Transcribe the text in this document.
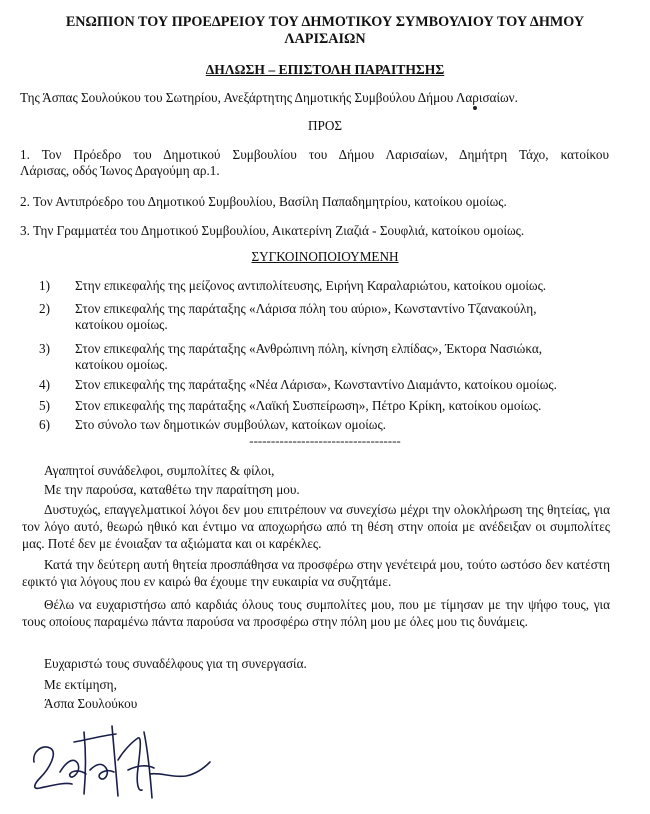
ΕΝΩΠΙΟΝ ΤΟΥ ΠΡΟΕΔΡΕΙΟΥ ΤΟΥ ΔΗΜΟΤΙΚΟΥ ΣΥΜΒΟΥΛΙΟΥ ΤΟΥ ΔΗΜΟΥ
ΛΑΡΙΣΑΙΩΝ
ΔΗΛΩΣΗ – ΕΠΙΣΤΟΛΗ ΠΑΡΑΙΤΗΣΗΣ
Της Άσπας Σουλούκου του Σωτηρίου, Ανεξάρτητης Δημοτικής Συμβούλου Δήμου Λαρισαίων.
ΠΡΟΣ
1. Τον Πρόεδρο του Δημοτικού Συμβουλίου του Δήμου Λαρισαίων, Δημήτρη Τάχο, κατοίκου
Λάρισας, οδός Ίωνος Δραγούμη αρ.1.
2. Τον Αντιπρόεδρο του Δημοτικού Συμβουλίου, Βασίλη Παπαδημητρίου, κατοίκου ομοίως.
3. Την Γραμματέα του Δημοτικού Συμβουλίου, Αικατερίνη Ζιαζιά - Σουφλιά, κατοίκου ομοίως.
ΣΥΓΚΟΙΝΟΠΟΙΟΥΜΕΝΗ
1) Στην επικεφαλής της μείζονος αντιπολίτευσης, Ειρήνη Καραλαριώτου, κατοίκου ομοίως.
2) Στον επικεφαλής της παράταξης «Λάρισα πόλη του αύριο», Κωνσταντίνο Τζανακούλη,
κατοίκου ομοίως.
3) Στον επικεφαλής της παράταξης «Ανθρώπινη πόλη, κίνηση ελπίδας», Έκτορα Νασιώκα,
κατοίκου ομοίως.
4) Στον επικεφαλής της παράταξης «Νέα Λάρισα», Κωνσταντίνο Διαμάντο, κατοίκου ομοίως.
5) Στον επικεφαλής της παράταξης «Λαϊκή Συσπείρωση», Πέτρο Κρίκη, κατοίκου ομοίως.
6) Στο σύνολο των δημοτικών συμβούλων, κατοίκων ομοίως.
-----------------------------------
Αγαπητοί συνάδελφοι, συμπολίτες & φίλοι,
Με την παρούσα, καταθέτω την παραίτηση μου.
Δυστυχώς, επαγγελματικοί λόγοι δεν μου επιτρέπουν να συνεχίσω μέχρι την ολοκλήρωση της θητείας, για τον λόγο αυτό, θεωρώ ηθικό και έντιμο να αποχωρήσω από τη θέση στην οποία με ανέδειξαν οι συμπολίτες μας. Ποτέ δεν με ένοιαξαν τα αξιώματα και οι καρέκλες.
Κατά την δεύτερη αυτή θητεία προσπάθησα να προσφέρω στην γενέτειρά μου, τούτο ωστόσο δεν κατέστη εφικτό για λόγους που εν καιρώ θα έχουμε την ευκαιρία να συζητάμε.
Θέλω να ευχαριστήσω από καρδιάς όλους τους συμπολίτες μου, που με τίμησαν με την ψήφο τους, για τους οποίους παραμένω πάντα παρούσα να προσφέρω στην πόλη μου με όλες μου τις δυνάμεις.
Ευχαριστώ τους συναδέλφους για τη συνεργασία.
Με εκτίμηση,
Άσπα Σουλούκου
